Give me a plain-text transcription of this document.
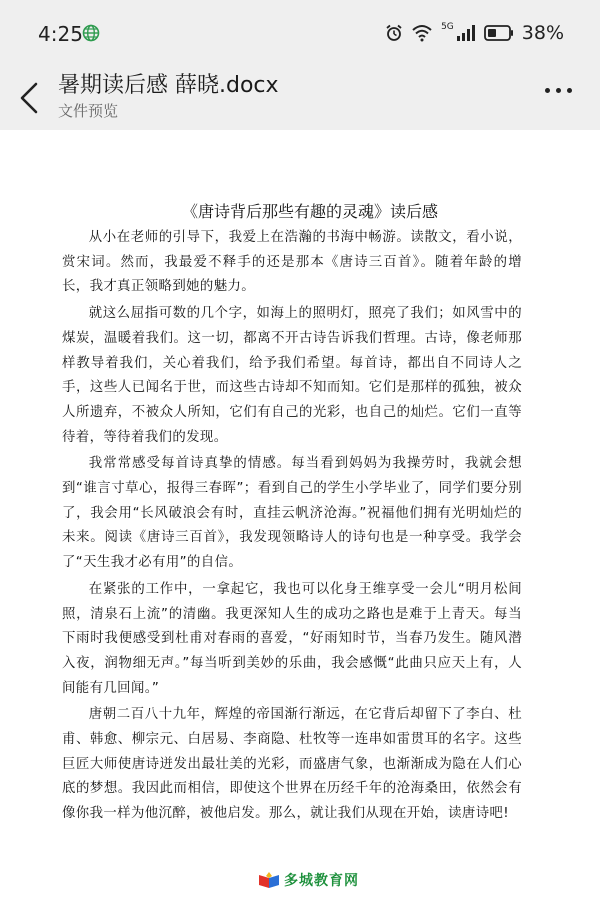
4:25	5G	38%
暑期读后感 薛晓.docx
文件预览
《唐诗背后那些有趣的灵魂》读后感

从小在老师的引导下，我爱上在浩瀚的书海中畅游。读散文，看小说，赏宋词。然而，我最爱不释手的还是那本《唐诗三百首》。随着年龄的增长，我才真正领略到她的魅力。

就这么屈指可数的几个字，如海上的照明灯，照亮了我们；如风雪中的煤炭，温暖着我们。这一切，都离不开古诗告诉我们哲理。古诗，像老师那样教导着我们，关心着我们，给予我们希望。每首诗，都出自不同诗人之手，这些人已闻名于世，而这些古诗却不知而知。它们是那样的孤独，被众人所遗弃，不被众人所知，它们有自己的光彩，也自己的灿烂。它们一直等待着，等待着我们的发现。

我常常感受每首诗真挚的情感。每当看到妈妈为我操劳时，我就会想到“谁言寸草心，报得三春晖”；看到自己的学生小学毕业了，同学们要分别了，我会用“长风破浪会有时，直挂云帆济沧海。”祝福他们拥有光明灿烂的未来。阅读《唐诗三百首》，我发现领略诗人的诗句也是一种享受。我学会了“天生我才必有用”的自信。

在紧张的工作中，一拿起它，我也可以化身王维享受一会儿“明月松间照，清泉石上流”的清幽。我更深知人生的成功之路也是难于上青天。每当下雨时我便感受到杜甫对春雨的喜爱，“好雨知时节，当春乃发生。随风潜入夜，润物细无声。”每当听到美妙的乐曲，我会感慨“此曲只应天上有，人间能有几回闻。”

唐朝二百八十九年，辉煌的帝国渐行渐远，在它背后却留下了李白、杜甫、韩愈、柳宗元、白居易、李商隐、杜牧等一连串如雷贯耳的名字。这些巨匠大师使唐诗迸发出最壮美的光彩，而盛唐气象，也渐渐成为隐在人们心底的梦想。我因此而相信，即使这个世界在历经千年的沧海桑田，依然会有像你我一样为他沉醉，被他启发。那么，就让我们从现在开始，读唐诗吧!

多城教育网
